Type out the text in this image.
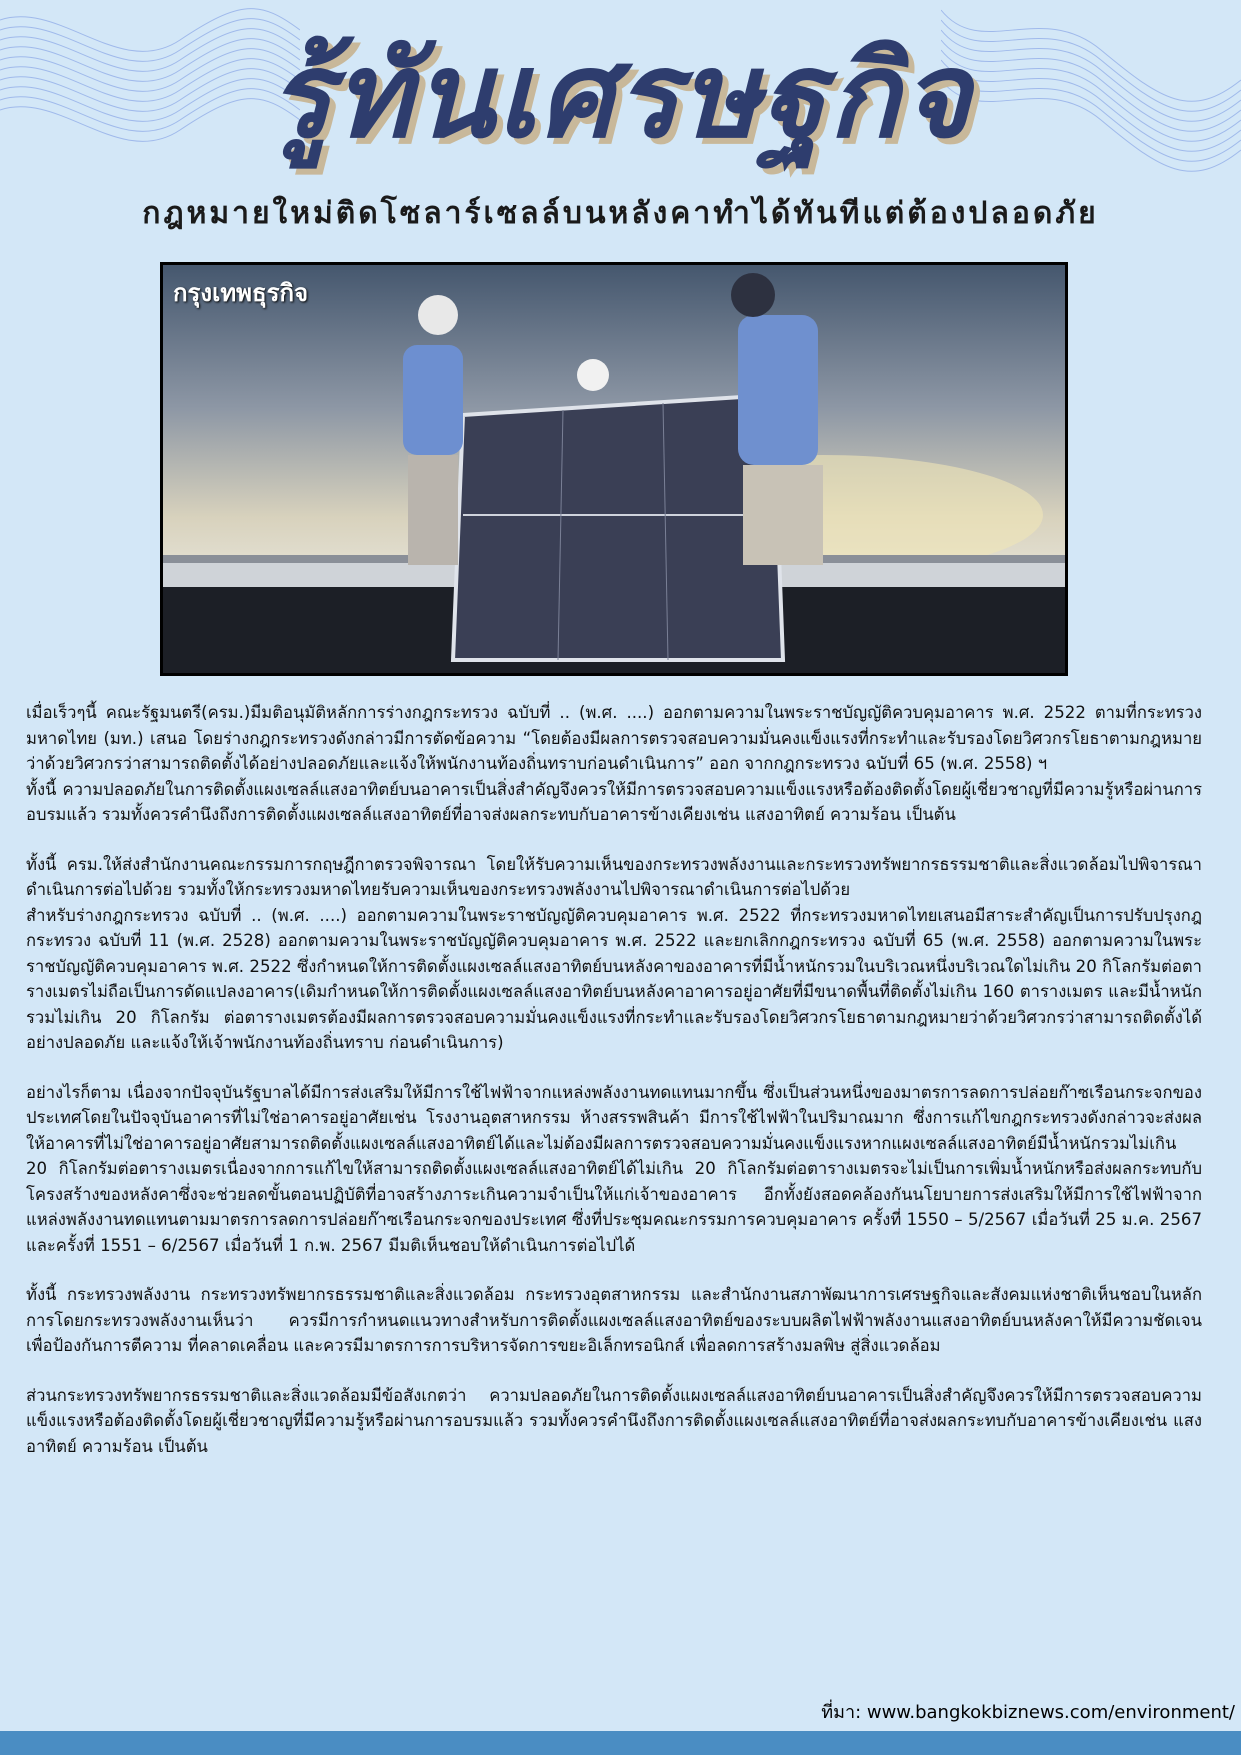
รู้ทันเศรษฐกิจ
กฎหมายใหม่ติดโซลาร์เซลล์บนหลังคาทำได้ทันทีแต่ต้องปลอดภัย
กรุงเทพธุรกิจ

เมื่อเร็วๆนี้ คณะรัฐมนตรี(ครม.)มีมติอนุมัติหลักการร่างกฎกระทรวง ฉบับที่ .. (พ.ศ. ....) ออกตามความในพระราชบัญญัติควบคุมอาคาร พ.ศ. 2522 ตามที่กระทรวงมหาดไทย (มท.) เสนอ โดยร่างกฎกระทรวงดังกล่าวมีการตัดข้อความ “โดยต้องมีผลการตรวจสอบความมั่นคงแข็งแรงที่กระทำและรับรองโดยวิศวกรโยธาตามกฎหมายว่าด้วยวิศวกรว่าสามารถติดตั้งได้อย่างปลอดภัยและแจ้งให้พนักงานท้องถิ่นทราบก่อนดำเนินการ” ออก จากกฎกระทรวง ฉบับที่ 65 (พ.ศ. 2558) ฯ

ทั้งนี้ ความปลอดภัยในการติดตั้งแผงเซลล์แสงอาทิตย์บนอาคารเป็นสิ่งสำคัญจึงควรให้มีการตรวจสอบความแข็งแรงหรือต้องติดตั้งโดยผู้เชี่ยวชาญที่มีความรู้หรือผ่านการอบรมแล้ว รวมทั้งควรคำนึงถึงการติดตั้งแผงเซลล์แสงอาทิตย์ที่อาจส่งผลกระทบกับอาคารข้างเคียงเช่น แสงอาทิตย์ ความร้อน เป็นต้น

ทั้งนี้ ครม.ให้ส่งสำนักงานคณะกรรมการกฤษฎีกาตรวจพิจารณา โดยให้รับความเห็นของกระทรวงพลังงานและกระทรวงทรัพยากรธรรมชาติและสิ่งแวดล้อมไปพิจารณาดำเนินการต่อไปด้วย รวมทั้งให้กระทรวงมหาดไทยรับความเห็นของกระทรวงพลังงานไปพิจารณาดำเนินการต่อไปด้วย

สำหรับร่างกฎกระทรวง ฉบับที่ .. (พ.ศ. ....) ออกตามความในพระราชบัญญัติควบคุมอาคาร พ.ศ. 2522 ที่กระทรวงมหาดไทยเสนอมีสาระสำคัญเป็นการปรับปรุงกฎกระทรวง ฉบับที่ 11 (พ.ศ. 2528) ออกตามความในพระราชบัญญัติควบคุมอาคาร พ.ศ. 2522 และยกเลิกกฎกระทรวง ฉบับที่ 65 (พ.ศ. 2558) ออกตามความในพระราชบัญญัติควบคุมอาคาร พ.ศ. 2522 ซึ่งกำหนดให้การติดตั้งแผงเซลล์แสงอาทิตย์บนหลังคาของอาคารที่มีน้ำหนักรวมในบริเวณหนึ่งบริเวณใดไม่เกิน 20 กิโลกรัมต่อตารางเมตรไม่ถือเป็นการดัดแปลงอาคาร(เดิมกำหนดให้การติดตั้งแผงเซลล์แสงอาทิตย์บนหลังคาอาคารอยู่อาศัยที่มีขนาดพื้นที่ติดตั้งไม่เกิน 160 ตารางเมตร และมีน้ำหนักรวมไม่เกิน 20 กิโลกรัม ต่อตารางเมตรต้องมีผลการตรวจสอบความมั่นคงแข็งแรงที่กระทำและรับรองโดยวิศวกรโยธาตามกฎหมายว่าด้วยวิศวกรว่าสามารถติดตั้งได้อย่างปลอดภัย และแจ้งให้เจ้าพนักงานท้องถิ่นทราบ ก่อนดำเนินการ)

อย่างไรก็ตาม เนื่องจากปัจจุบันรัฐบาลได้มีการส่งเสริมให้มีการใช้ไฟฟ้าจากแหล่งพลังงานทดแทนมากขึ้น ซึ่งเป็นส่วนหนึ่งของมาตรการลดการปล่อยก๊าซเรือนกระจกของประเทศโดยในปัจจุบันอาคารที่ไม่ใช่อาคารอยู่อาศัยเช่น โรงงานอุตสาหกรรม ห้างสรรพสินค้า มีการใช้ไฟฟ้าในปริมาณมาก ซึ่งการแก้ไขกฎกระทรวงดังกล่าวจะส่งผลให้อาคารที่ไม่ใช่อาคารอยู่อาศัยสามารถติดตั้งแผงเซลล์แสงอาทิตย์ได้และไม่ต้องมีผลการตรวจสอบความมั่นคงแข็งแรงหากแผงเซลล์แสงอาทิตย์มีน้ำหนักรวมไม่เกิน 20 กิโลกรัมต่อตารางเมตรเนื่องจากการแก้ไขให้สามารถติดตั้งแผงเซลล์แสงอาทิตย์ได้ไม่เกิน 20 กิโลกรัมต่อตารางเมตรจะไม่เป็นการเพิ่มน้ำหนักหรือส่งผลกระทบกับโครงสร้างของหลังคาซึ่งจะช่วยลดขั้นตอนปฏิบัติที่อาจสร้างภาระเกินความจำเป็นให้แก่เจ้าของอาคาร อีกทั้งยังสอดคล้องกันนโยบายการส่งเสริมให้มีการใช้ไฟฟ้าจากแหล่งพลังงานทดแทนตามมาตรการลดการปล่อยก๊าซเรือนกระจกของประเทศ ซึ่งที่ประชุมคณะกรรมการควบคุมอาคาร ครั้งที่ 1550 – 5/2567 เมื่อวันที่ 25 ม.ค. 2567 และครั้งที่ 1551 – 6/2567 เมื่อวันที่ 1 ก.พ. 2567 มีมติเห็นชอบให้ดำเนินการต่อไปได้

ทั้งนี้ กระทรวงพลังงาน กระทรวงทรัพยากรธรรมชาติและสิ่งแวดล้อม กระทรวงอุตสาหกรรม และสำนักงานสภาพัฒนาการเศรษฐกิจและสังคมแห่งชาติเห็นชอบในหลักการโดยกระทรวงพลังงานเห็นว่า ควรมีการกำหนดแนวทางสำหรับการติดตั้งแผงเซลล์แสงอาทิตย์ของระบบผลิตไฟฟ้าพลังงานแสงอาทิตย์บนหลังคาให้มีความชัดเจน เพื่อป้องกันการตีความ ที่คลาดเคลื่อน และควรมีมาตรการการบริหารจัดการขยะอิเล็กทรอนิกส์ เพื่อลดการสร้างมลพิษ สู่สิ่งแวดล้อม

ส่วนกระทรวงทรัพยากรธรรมชาติและสิ่งแวดล้อมมีข้อสังเกตว่า ความปลอดภัยในการติดตั้งแผงเซลล์แสงอาทิตย์บนอาคารเป็นสิ่งสำคัญจึงควรให้มีการตรวจสอบความแข็งแรงหรือต้องติดตั้งโดยผู้เชี่ยวชาญที่มีความรู้หรือผ่านการอบรมแล้ว รวมทั้งควรคำนึงถึงการติดตั้งแผงเซลล์แสงอาทิตย์ที่อาจส่งผลกระทบกับอาคารข้างเคียงเช่น แสงอาทิตย์ ความร้อน เป็นต้น

ที่มา: www.bangkokbiznews.com/environment/
